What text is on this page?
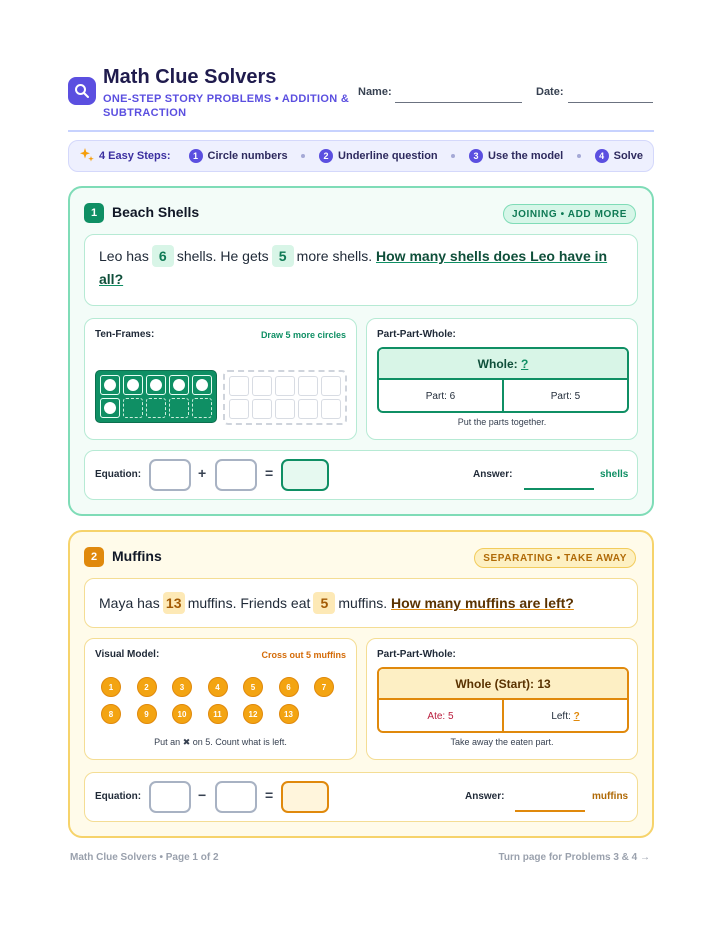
Math Clue Solvers
ONE-STEP STORY PROBLEMS • ADDITION & SUBTRACTION
Name:	Date:
4 Easy Steps:	1 Circle numbers	2 Underline question	3 Use the model	4 Solve
1	Beach Shells	JOINING • ADD MORE
Leo has 6 shells. He gets 5 more shells. How many shells does Leo have in all?
Ten-Frames:	Draw 5 more circles	Part-Part-Whole:
Whole:
?
Part: 6	Part: 5
Put the parts together.
Equation:	+	=	Answer:	shells
2	Muffins	SEPARATING • TAKE AWAY
Maya has 13 muffins. Friends eat 5 muffins. How many muffins are left?
Visual Model:	Cross out 5 muffins
Put an ✖ on 5. Count what is left.
1	2	3	4	5	6	7
8	9	10	11	12	13
Part-Part-Whole:
Whole (Start): 13
Ate: 5	Left:
?
Take away the eaten part.
Equation:	−	=	Answer:	muffins
Math Clue Solvers • Page 1 of 2	Turn page for Problems 3 & 4 →
